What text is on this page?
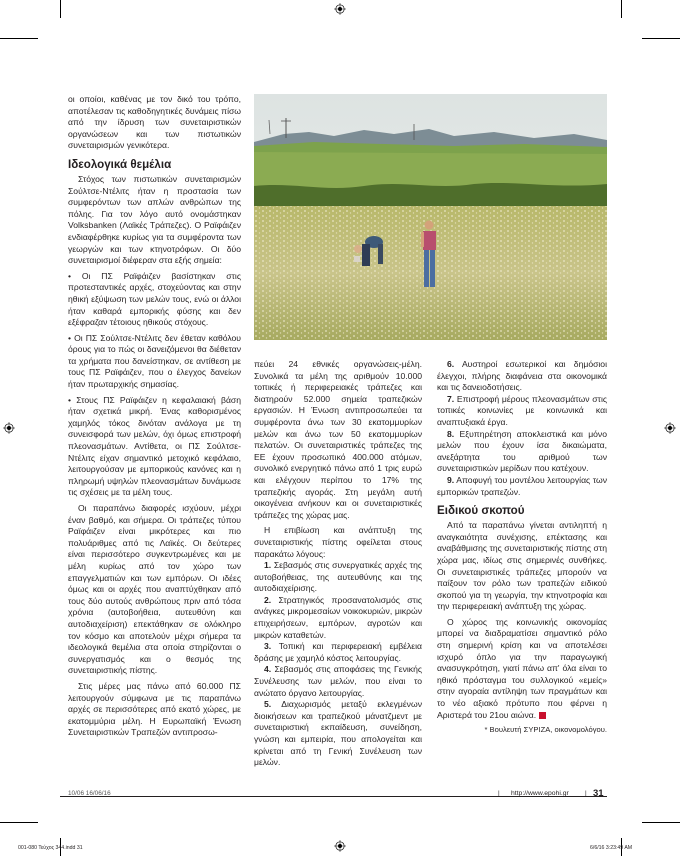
οι οποίοι, καθένας με τον δικό του τρόπο, αποτέλεσαν τις καθοδηγητικές δυνάμεις πίσω από την ίδρυση των συνεταιριστικών οργανώσεων και των πιστωτικών συνεταιρισμών γενικότερα.

Ιδεολογικά θεμέλια

Στόχος των πιστωτικών συνεταιρισμών Σούλτσε-Ντέλιτς ήταν η προστασία των συμφερόντων των απλών ανθρώπων της πόλης. Για τον λόγο αυτό ονομάστηκαν Volksbanken (Λαϊκές Τράπεζες). Ο Ραϊφάιζεν ενδιαφέρθηκε κυρίως για τα συμφέροντα των γεωργών και των κτηνοτρόφων. Οι δύο συνεταιρισμοί διέφεραν στα εξής σημεία:

• Οι ΠΣ Ραϊφάιζεν βασίστηκαν στις προτεσταντικές αρχές, στοχεύοντας και στην ηθική εξύψωση των μελών τους, ενώ οι άλλοι ήταν καθαρά εμπορικής φύσης και δεν εξέφραζαν τέτοιους ηθικούς στόχους.

• Οι ΠΣ Σούλτσε-Ντέλιτς δεν έθεταν καθόλου όρους για το πώς οι δανειζόμενοι θα διέθεταν τα χρήματα που δανείστηκαν, σε αντίθεση με τους ΠΣ Ραϊφάιζεν, που ο έλεγχος δανείων ήταν πρωταρχικής σημασίας.

• Στους ΠΣ Ραϊφάιζεν η κεφαλαιακή βάση ήταν σχετικά μικρή. Ένας καθορισμένος χαμηλός τόκος δινόταν ανάλογα με τη συνεισφορά των μελών, όχι όμως επιστροφή πλεονασμάτων. Αντίθετα, οι ΠΣ Σούλτσε-Ντέλιτς είχαν σημαντικό μετοχικό κεφάλαιο, λειτουργούσαν με εμπορικούς κανόνες και η πληρωμή υψηλών πλεονασμάτων δυνάμωσε τις σχέσεις με τα μέλη τους.

Οι παραπάνω διαφορές ισχύουν, μέχρι έναν βαθμό, και σήμερα. Οι τράπεζες τύπου Ραϊφάιζεν είναι μικρότερες και πιο πολυάριθμες από τις Λαϊκές. Οι δεύτερες είναι περισσότερο συγκεντρωμένες και με μέλη κυρίως από τον χώρο των επαγγελματιών και των εμπόρων. Οι ιδέες όμως και οι αρχές που αναπτύχθηκαν από τους δύο αυτούς ανθρώπους πριν από τόσα χρόνια (αυτοβοήθεια, αυτευθύνη και αυτοδιαχείριση) επεκτάθηκαν σε ολόκληρο τον κόσμο και αποτελούν μέχρι σήμερα τα ιδεολογικά θεμέλια στα οποία στηρίζονται ο συνεργατισμός και ο θεσμός της συνεταιριστικής πίστης.

Στις μέρες μας πάνω από 60.000 ΠΣ λειτουργούν σύμφωνα με τις παραπάνω αρχές σε περισσότερες από εκατό χώρες, με εκατομμύρια μέλη. Η Ευρωπαϊκή Ένωση Συνεταιριστικών Τραπεζών αντιπροσω-

πεύει 24 εθνικές οργανώσεις-μέλη. Συνολικά τα μέλη της αριθμούν 10.000 τοπικές ή περιφερειακές τράπεζες και διατηρούν 52.000 σημεία τραπεζικών εργασιών. Η Ένωση αντιπροσωπεύει τα συμφέροντα άνω των 30 εκατομμυρίων μελών και άνω των 50 εκατομμυρίων πελατών. Οι συνεταιριστικές τράπεζες της ΕΕ έχουν προσωπικό 400.000 ατόμων, συνολικό ενεργητικό πάνω από 1 τρις ευρώ και ελέγχουν περίπου το 17% της τραπεζικής αγοράς. Στη μεγάλη αυτή οικογένεια ανήκουν και οι συνεταιριστικές τράπεζες της χώρας μας.

Η επιβίωση και ανάπτυξη της συνεταιριστικής πίστης οφείλεται στους παρακάτω λόγους:

1. Σεβασμός στις συνεργατικές αρχές της αυτοβοήθειας, της αυτευθύνης και της αυτοδιαχείρισης.

2. Στρατηγικός προσανατολισμός στις ανάγκες μικρομεσαίων νοικοκυριών, μικρών επιχειρήσεων, εμπόρων, αγροτών και μικρών καταθετών.

3. Τοπική και περιφερειακή εμβέλεια δράσης με χαμηλό κόστος λειτουργίας.

4. Σεβασμός στις αποφάσεις της Γενικής Συνέλευσης των μελών, που είναι το ανώτατο όργανο λειτουργίας.

5. Διαχωρισμός μεταξύ εκλεγμένων διοικήσεων και τραπεζικού μάνατζμεντ με συνεταιριστική εκπαίδευση, συνείδηση, γνώση και εμπειρία, που απολογείται και κρίνεται από τη Γενική Συνέλευση των μελών.

6. Αυστηροί εσωτερικοί και δημόσιοι έλεγχοι, πλήρης διαφάνεια στα οικονομικά και τις δανειοδοτήσεις.

7. Επιστροφή μέρους πλεονασμάτων στις τοπικές κοινωνίες με κοινωνικά και αναπτυξιακά έργα.

8. Εξυπηρέτηση αποκλειστικά και μόνο μελών που έχουν ίσα δικαιώματα, ανεξάρτητα του αριθμού των συνεταιριστικών μερίδων που κατέχουν.

9. Αποφυγή του μοντέλου λειτουργίας των εμπορικών τραπεζών.

Ειδικού σκοπού

Από τα παραπάνω γίνεται αντιληπτή η αναγκαιότητα συνέχισης, επέκτασης και αναβάθμισης της συνεταιριστικής πίστης στη χώρα μας, ιδίως στις σημερινές συνθήκες. Οι συνεταιριστικές τράπεζες μπορούν να παίξουν τον ρόλο των τραπεζών ειδικού σκοπού για τη γεωργία, την κτηνοτροφία και την περιφερειακή ανάπτυξη της χώρας.

Ο χώρος της κοινωνικής οικονομίας μπορεί να διαδραματίσει σημαντικό ρόλο στη σημερινή κρίση και να αποτελέσει ισχυρό όπλο για την παραγωγική ανασυγκρότηση, γιατί πάνω απ' όλα είναι το ηθικό πρόσταγμα του συλλογικού «εμείς» στην αγοραία αντίληψη των πραγμάτων και το νέο αξιακό πρότυπο που φέρνει η Αριστερά του 21ου αιώνα.

* Βουλευτή ΣΥΡΙΖΑ, οικονομολόγου.

10/06 16/06/16	| http://www.epohi.gr	| 31
001-080 Τεύχος 344.indd 31	6/6/16 3:23:49 AM
